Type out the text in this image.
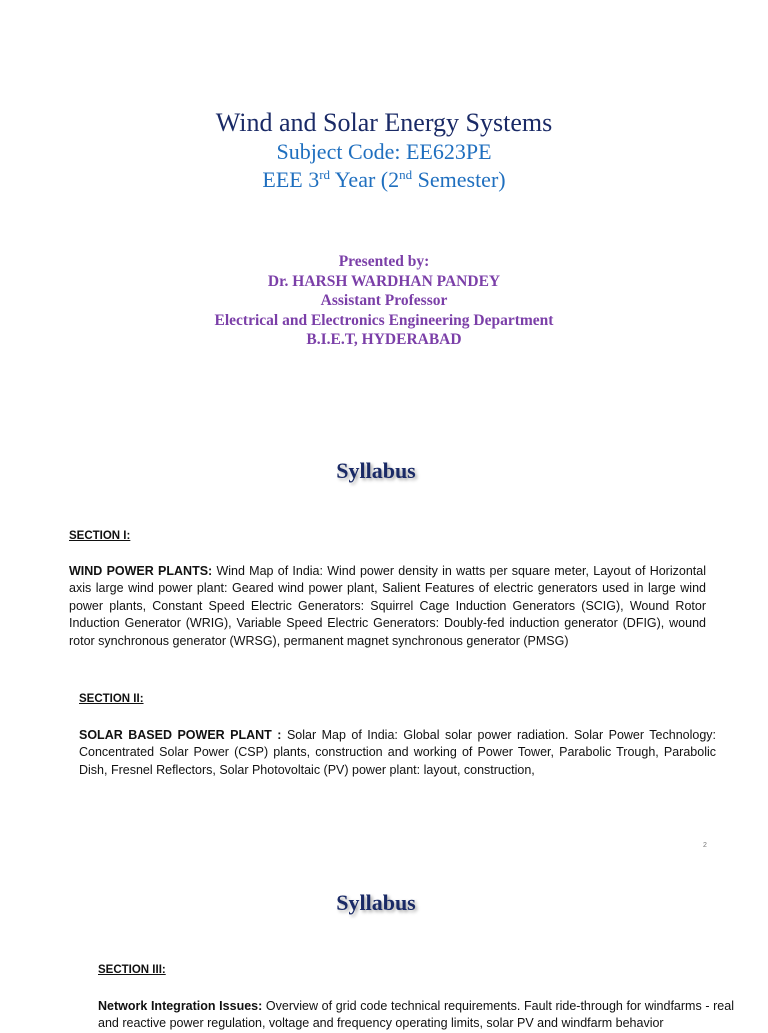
Wind and Solar Energy Systems
Subject Code: EE623PE
EEE 3rd Year (2nd Semester)
Presented by:
Dr. HARSH WARDHAN PANDEY
Assistant Professor
Electrical and Electronics Engineering Department
B.I.E.T, HYDERABAD
Syllabus
SECTION I:
WIND POWER PLANTS: Wind Map of India: Wind power density in watts per square meter, Layout of Horizontal axis large wind power plant: Geared wind power plant, Salient Features of electric generators used in large wind power plants, Constant Speed Electric Generators: Squirrel Cage Induction Generators (SCIG), Wound Rotor Induction Generator (WRIG), Variable Speed Electric Generators: Doubly-fed induction generator (DFIG), wound rotor synchronous generator (WRSG), permanent magnet synchronous generator (PMSG)
SECTION II:
SOLAR BASED POWER PLANT : Solar Map of India: Global solar power radiation. Solar Power Technology: Concentrated Solar Power (CSP) plants, construction and working of Power Tower, Parabolic Trough, Parabolic Dish, Fresnel Reflectors, Solar Photovoltaic (PV) power plant: layout, construction,
2
Syllabus
SECTION III:
Network Integration Issues: Overview of grid code technical requirements. Fault ride-through for windfarms - real and reactive power regulation, voltage and frequency operating limits, solar PV and windfarm behavior
